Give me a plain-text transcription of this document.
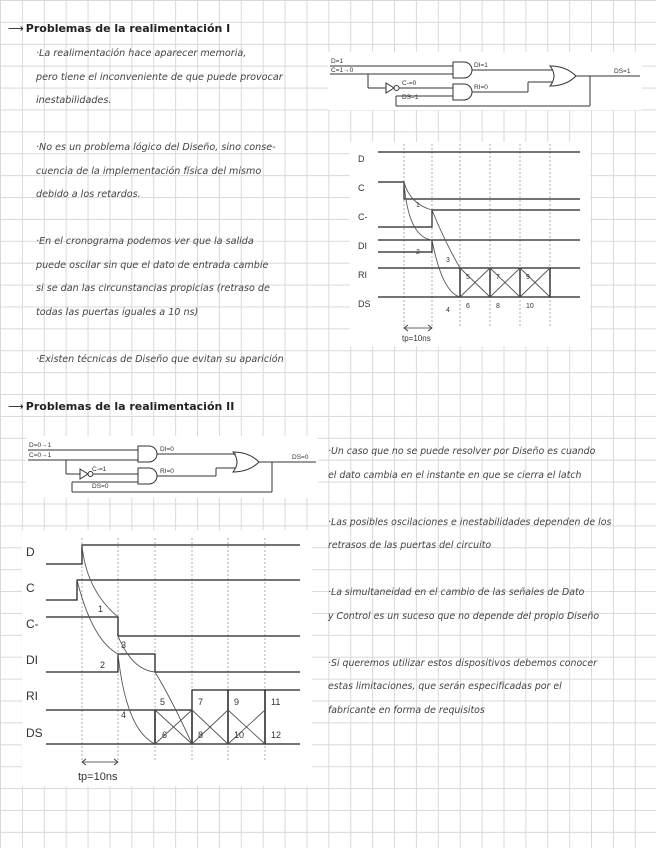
⟶ Problemas de la realimentación I

·La realimentación hace aparecer memoria,

pero tiene el inconveniente de que puede provocar

inestabilidades.

·No es un problema lógico del Diseño, sino conse-

cuencia de la implementación física del mismo

debido a los retardos.

·En el cronograma podemos ver que la salida

puede oscilar sin que el dato de entrada cambie

si se dan las circunstancias propicias (retraso de

todas las puertas iguales a 10 ns)

·Existen técnicas de Diseño que evitan su aparición

D=1
C=1→0
DI=1
C-=0
DS=1
RI=0
DS=1
D
C
C-
DI
RI
DS
1
2
3
4
5
6
7
8
9
10
tp=10ns
⟶ Problemas de la realimentación II
D=0→1
C=0→1
DI=0
C-=1
DS=0
RI=0
DS=0
D
C
C-
DI
RI
DS
1
2
3
4
5
6
7
8
9
10
11
12
tp=10ns

·Un caso que no se puede resolver por Diseño es cuando

el dato cambia en el instante en que se cierra el latch

·Las posibles oscilaciones e inestabilidades dependen de los

retrasos de las puertas del circuito

·La simultaneidad en el cambio de las señales de Dato

y Control es un suceso que no depende del propio Diseño

·Si queremos utilizar estos dispositivos debemos conocer

estas limitaciones, que serán especificadas por el

fabricante en forma de requisitos
